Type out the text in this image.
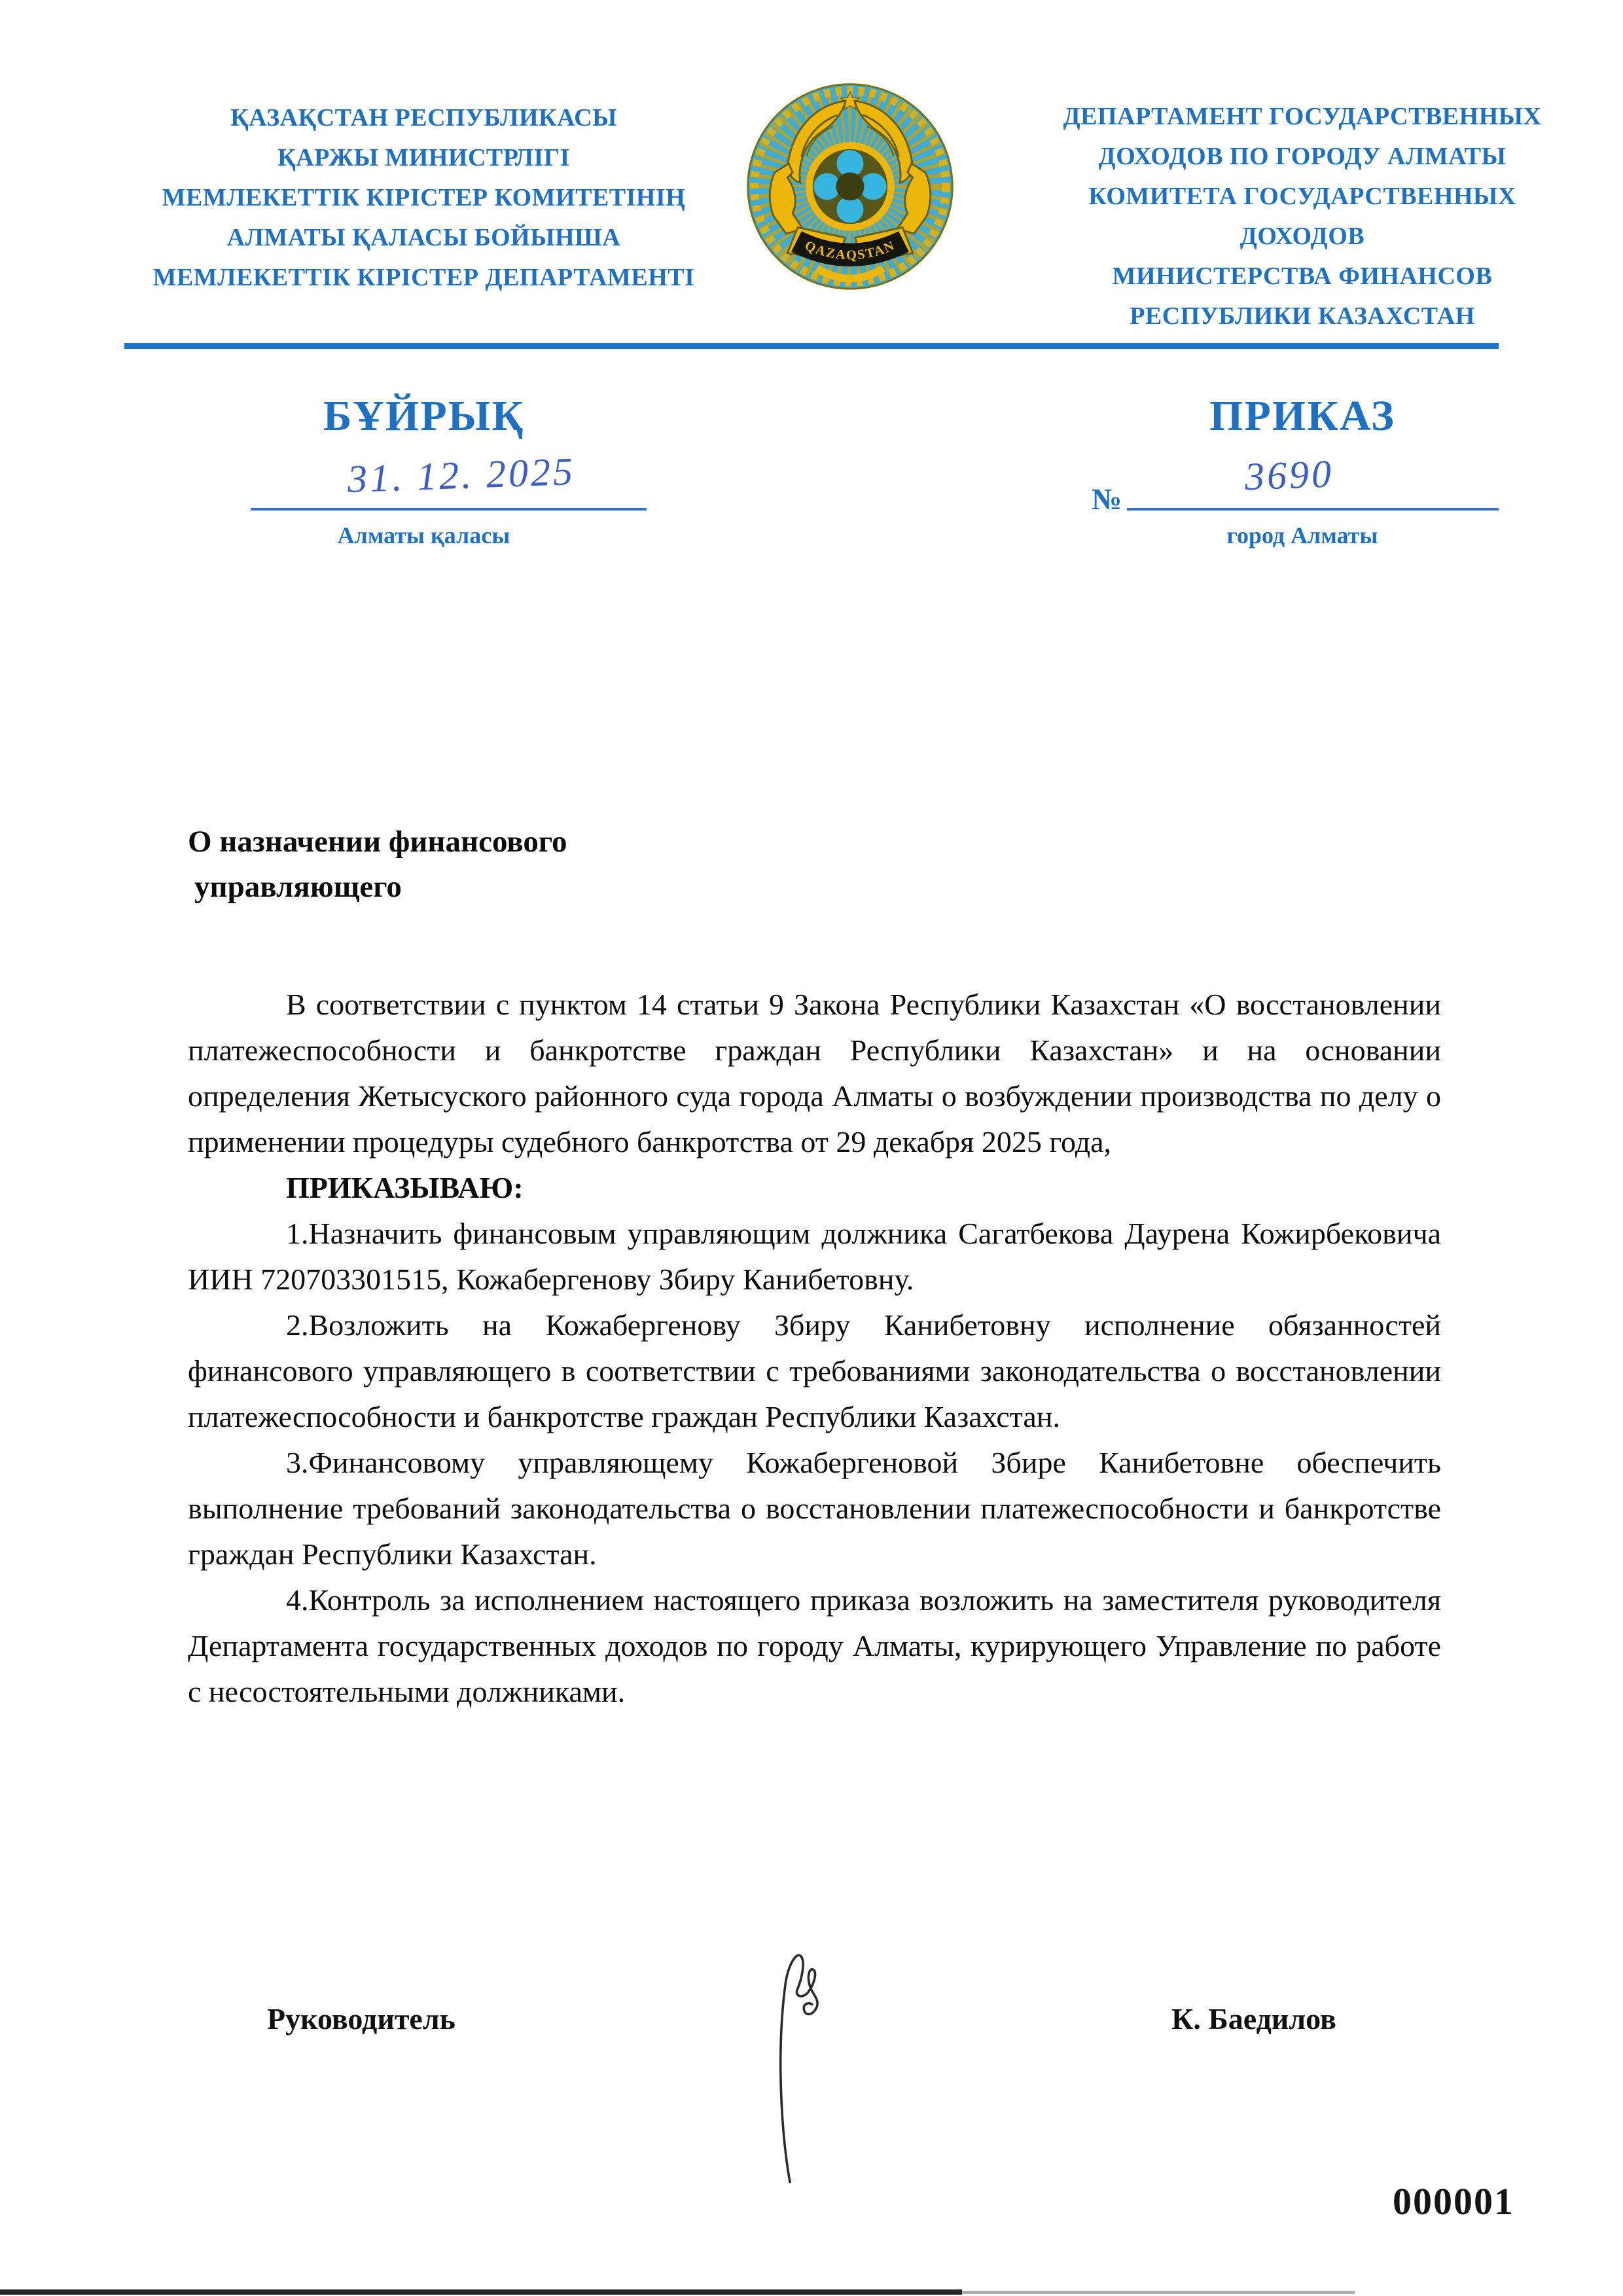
ҚАЗАҚСТАН РЕСПУБЛИКАСЫ
ҚАРЖЫ МИНИСТРЛІГІ
МЕМЛЕКЕТТІК КІРІСТЕР КОМИТЕТІНІҢ
АЛМАТЫ ҚАЛАСЫ БОЙЫНША
МЕМЛЕКЕТТІК КІРІСТЕР ДЕПАРТАМЕНТІ
QAZAQSTAN
ДЕПАРТАМЕНТ ГОСУДАРСТВЕННЫХ
ДОХОДОВ ПО ГОРОДУ АЛМАТЫ
КОМИТЕТА ГОСУДАРСТВЕННЫХ ДОХОДОВ
МИНИСТЕРСТВА ФИНАНСОВ
РЕСПУБЛИКИ КАЗАХСТАН
БҰЙРЫҚ	ПРИКАЗ
31. 12. 2025
Алматы қаласы
№
3690
город Алматы
О назначении финансового
управляющего

В соответствии с пунктом 14 статьи 9 Закона Республики Казахстан «О восстановлении платежеспособности и банкротстве граждан Республики Казахстан» и на основании определения Жетысуского районного суда города Алматы о возбуждении производства по делу о применении процедуры судебного банкротства от 29 декабря 2025 года,

ПРИКАЗЫВАЮ:

1.Назначить финансовым управляющим должника Сагатбекова Даурена Кожирбековича ИИН 720703301515, Кожабергенову Збиру Канибетовну.

2.Возложить на Кожабергенову Збиру Канибетовну исполнение обязанностей финансового управляющего в соответствии с требованиями законодательства о восстановлении платежеспособности и банкротстве граждан Республики Казахстан.

3.Финансовому управляющему Кожабергеновой Збире Канибетовне обеспечить выполнение требований законодательства о восстановлении платежеспособности и банкротстве граждан Республики Казахстан.

4.Контроль за исполнением настоящего приказа возложить на заместителя руководителя Департамента государственных доходов по городу Алматы, курирующего Управление по работе с несостоятельными должниками.

Руководитель	К. Баедилов
000001
